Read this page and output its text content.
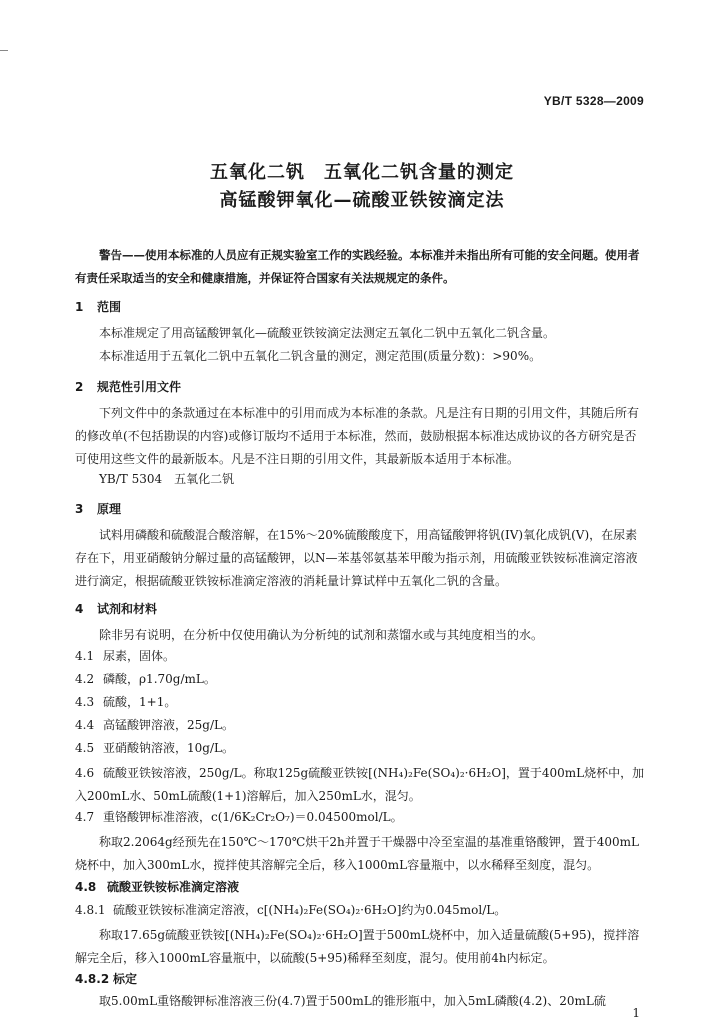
YB/T 5328—2009
五氧化二钒　五氧化二钒含量的测定
高锰酸钾氧化—硫酸亚铁铵滴定法
警告——使用本标准的人员应有正规实验室工作的实践经验。本标准并未指出所有可能的安全问题。使用者有责任采取适当的安全和健康措施，并保证符合国家有关法规规定的条件。
1 范围
本标准规定了用高锰酸钾氧化—硫酸亚铁铵滴定法测定五氧化二钒中五氧化二钒含量。
本标准适用于五氧化二钒中五氧化二钒含量的测定，测定范围(质量分数)：>90%。
2 规范性引用文件
下列文件中的条款通过在本标准中的引用而成为本标准的条款。凡是注有日期的引用文件，其随后所有的修改单(不包括勘误的内容)或修订版均不适用于本标准，然而，鼓励根据本标准达成协议的各方研究是否可使用这些文件的最新版本。凡是不注日期的引用文件，其最新版本适用于本标准。
YB/T 5304　五氧化二钒
3 原理
试料用磷酸和硫酸混合酸溶解，在15%～20%硫酸酸度下，用高锰酸钾将钒(IV)氧化成钒(V)，在尿素存在下，用亚硝酸钠分解过量的高锰酸钾，以N—苯基邻氨基苯甲酸为指示剂，用硫酸亚铁铵标准滴定溶液进行滴定，根据硫酸亚铁铵标准滴定溶液的消耗量计算试样中五氧化二钒的含量。
4 试剂和材料
除非另有说明，在分析中仅使用确认为分析纯的试剂和蒸馏水或与其纯度相当的水。
4.1 尿素，固体。
4.2 磷酸，ρ1.70g/mL。
4.3 硫酸，1+1。
4.4 高锰酸钾溶液，25g/L。
4.5 亚硝酸钠溶液，10g/L。
4.6 硫酸亚铁铵溶液，250g/L。称取125g硫酸亚铁铵[(NH₄)₂Fe(SO₄)₂·6H₂O]，置于400mL烧杯中，加入200mL水、50mL硫酸(1+1)溶解后，加入250mL水，混匀。
4.7 重铬酸钾标准溶液，c(1/6K₂Cr₂O₇)＝0.04500mol/L。
称取2.2064g经预先在150℃～170℃烘干2h并置于干燥器中冷至室温的基准重铬酸钾，置于400mL烧杯中，加入300mL水，搅拌使其溶解完全后，移入1000mL容量瓶中，以水稀释至刻度，混匀。
4.8 硫酸亚铁铵标准滴定溶液
4.8.1 硫酸亚铁铵标准滴定溶液，c[(NH₄)₂Fe(SO₄)₂·6H₂O]约为0.045mol/L。
称取17.65g硫酸亚铁铵[(NH₄)₂Fe(SO₄)₂·6H₂O]置于500mL烧杯中，加入适量硫酸(5+95)，搅拌溶解完全后，移入1000mL容量瓶中，以硫酸(5+95)稀释至刻度，混匀。使用前4h内标定。
4.8.2 标定
取5.00mL重铬酸钾标准溶液三份(4.7)置于500mL的锥形瓶中，加入5mL磷酸(4.2)、20mL硫
1
